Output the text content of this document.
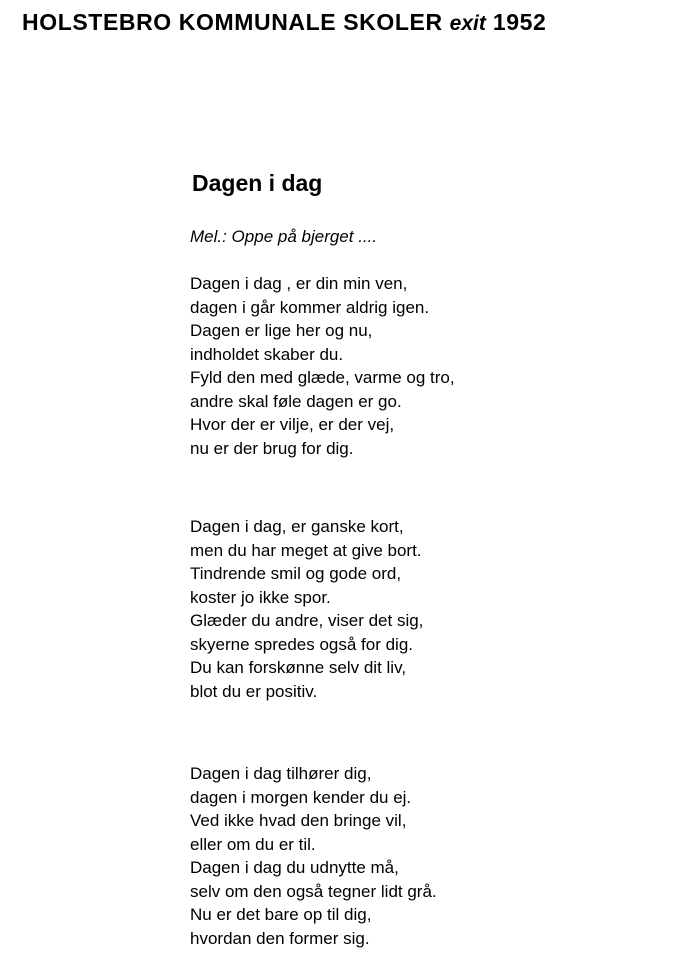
HOLSTEBRO KOMMUNALE SKOLER exit 1952
Dagen i dag
Mel.: Oppe på bjerget ....
Dagen i dag , er din min ven,
dagen i går kommer aldrig igen.
Dagen er lige her og nu,
indholdet skaber du.
Fyld den med glæde, varme og tro,
andre skal føle dagen er go.
Hvor der er vilje, er der vej,
nu er der brug for dig.
Dagen i dag, er ganske kort,
men du har meget at give bort.
Tindrende smil og gode ord,
koster jo ikke spor.
Glæder du andre, viser det sig,
skyerne spredes også for dig.
Du kan forskønne selv dit liv,
blot du er positiv.
Dagen i dag tilhører dig,
dagen i morgen kender du ej.
Ved ikke hvad den bringe vil,
eller om du er til.
Dagen i dag du udnytte må,
selv om den også tegner lidt grå.
Nu er det bare op til dig,
hvordan den former sig.
